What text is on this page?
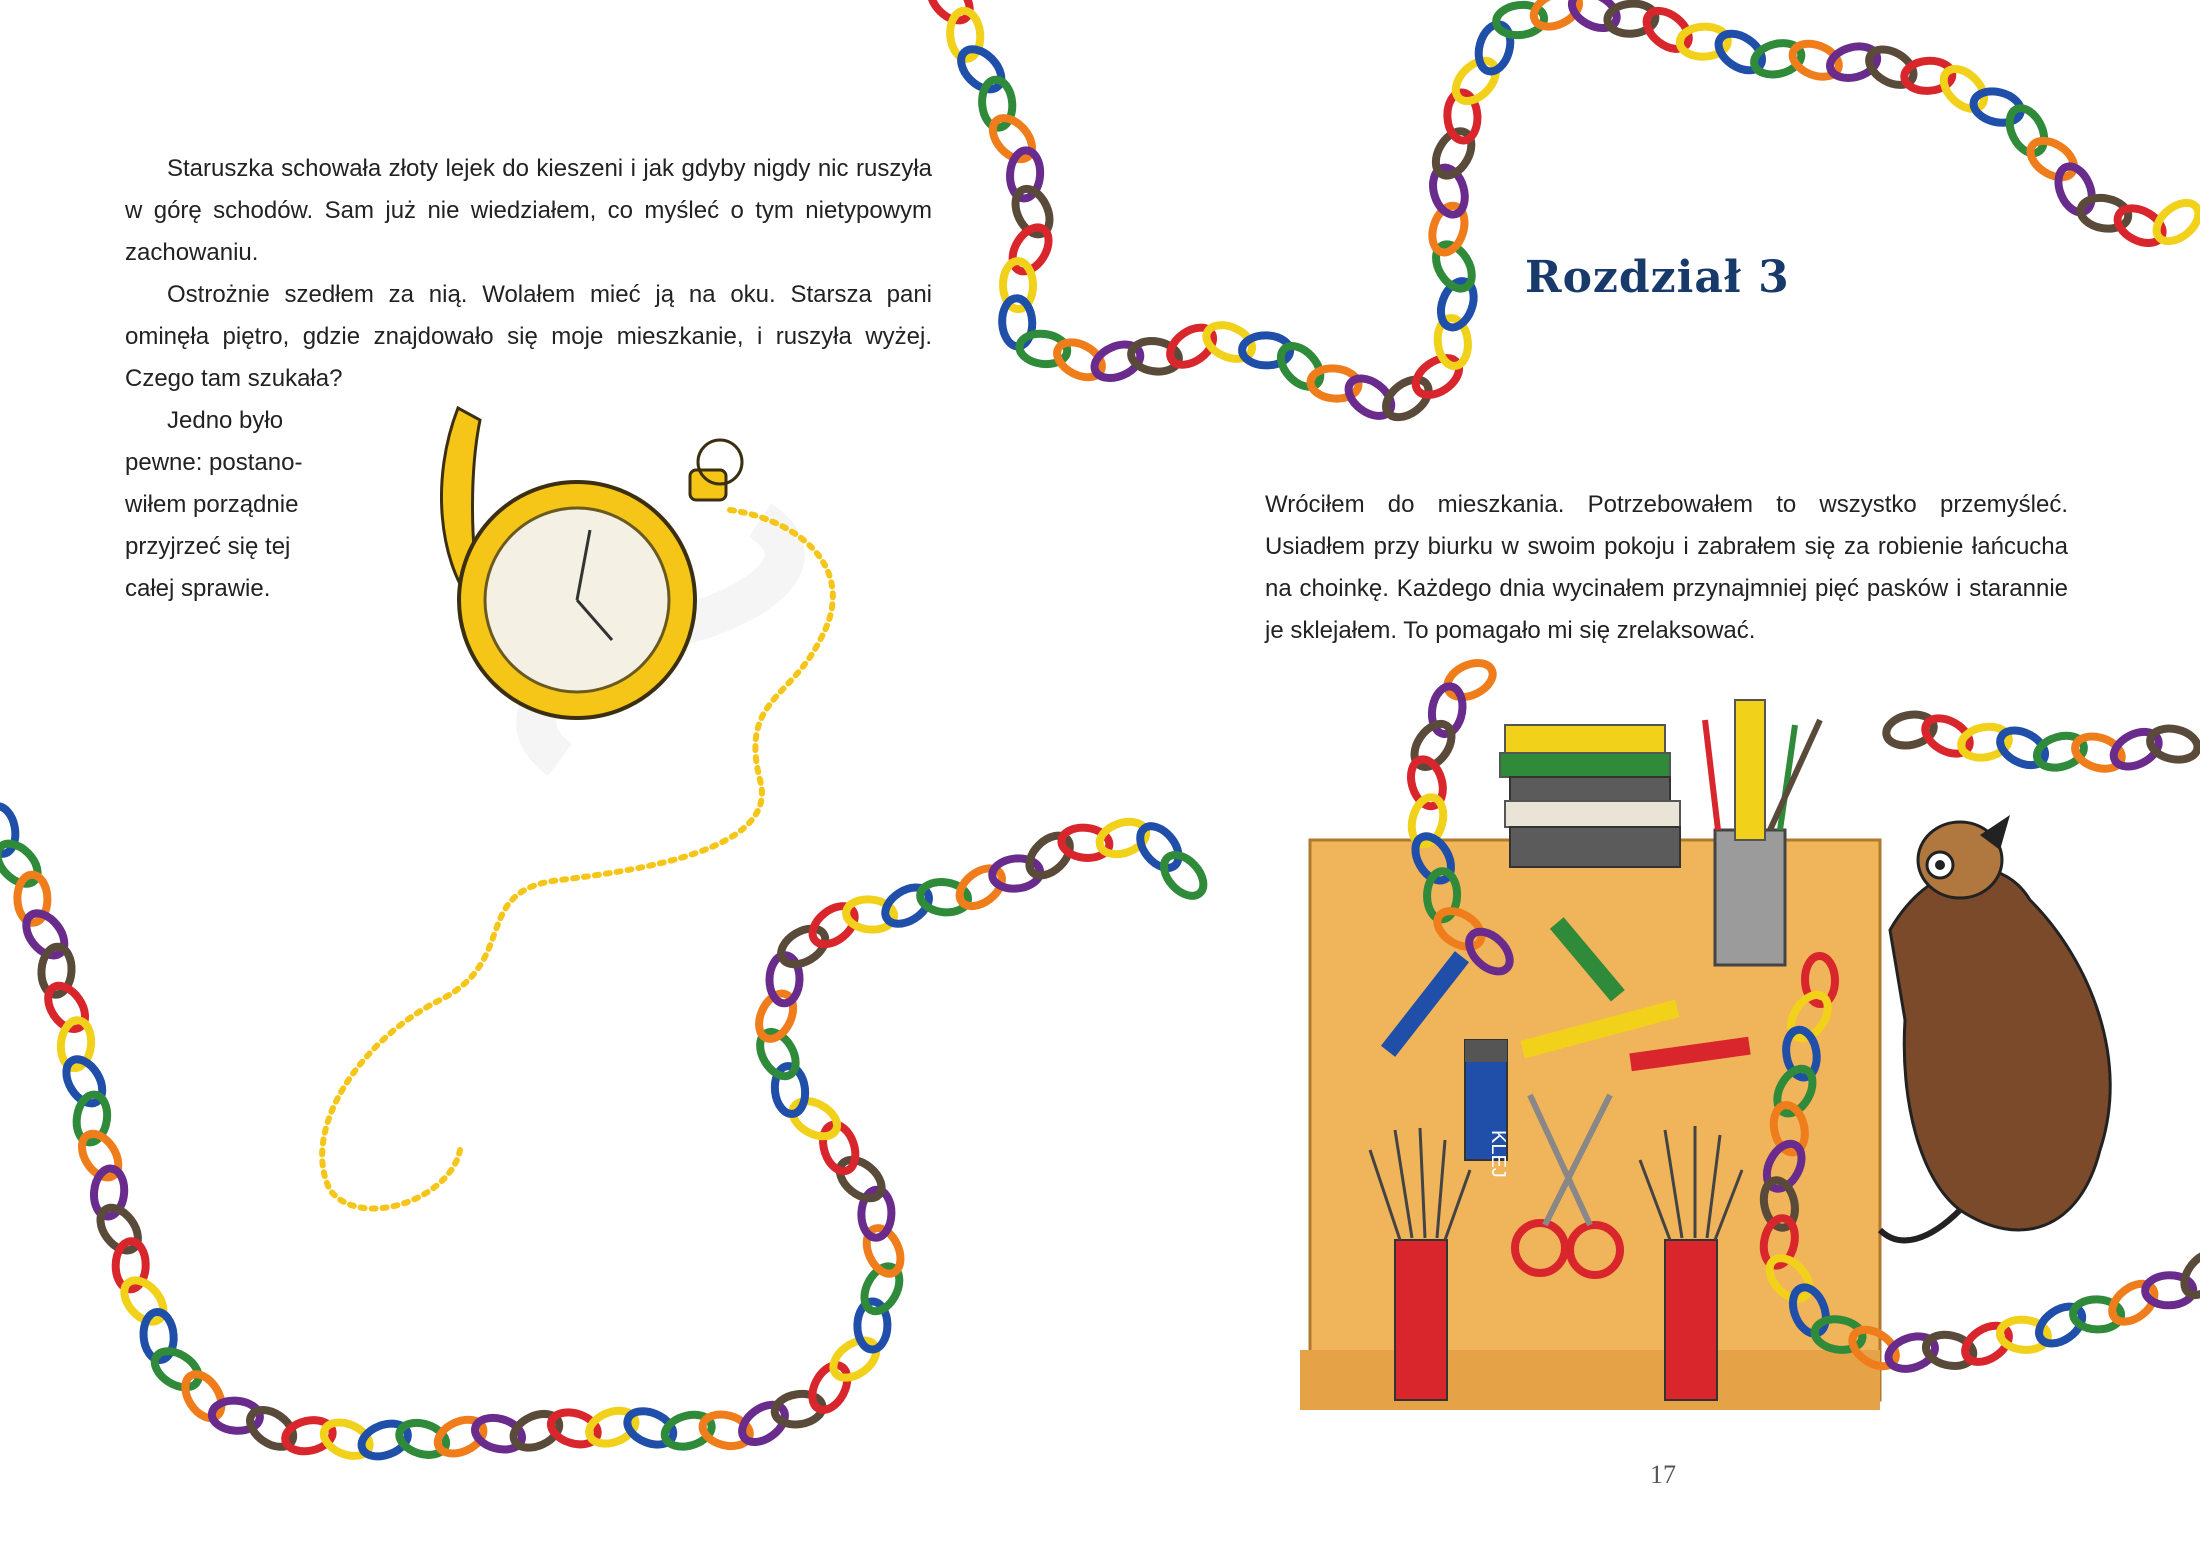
Staruszka schowała złoty lejek do kieszeni i jak gdyby nigdy nic ruszyła w górę schodów. Sam już nie wiedziałem, co myśleć o tym nietypowym zachowaniu.

Ostrożnie szedłem za nią. Wolałem mieć ją na oku. Starsza pani ominęła piętro, gdzie znajdowało się moje mieszkanie, i ruszyła wyżej. Czego tam szukała?

Jedno było
pewne: postano-
wiłem porządnie
przyjrzeć się tej
całej sprawie.

Wróciłem do mieszkania. Potrzebowałem to wszystko przemyśleć. Usiadłem przy biurku w swoim pokoju i zabrałem się za robienie łańcucha na choinkę. Każdego dnia wycinałem przynajmniej pięć pasków i starannie je sklejałem. To pomagało mi się zrelaksować.

Rozdział 3
17
KLEJ
